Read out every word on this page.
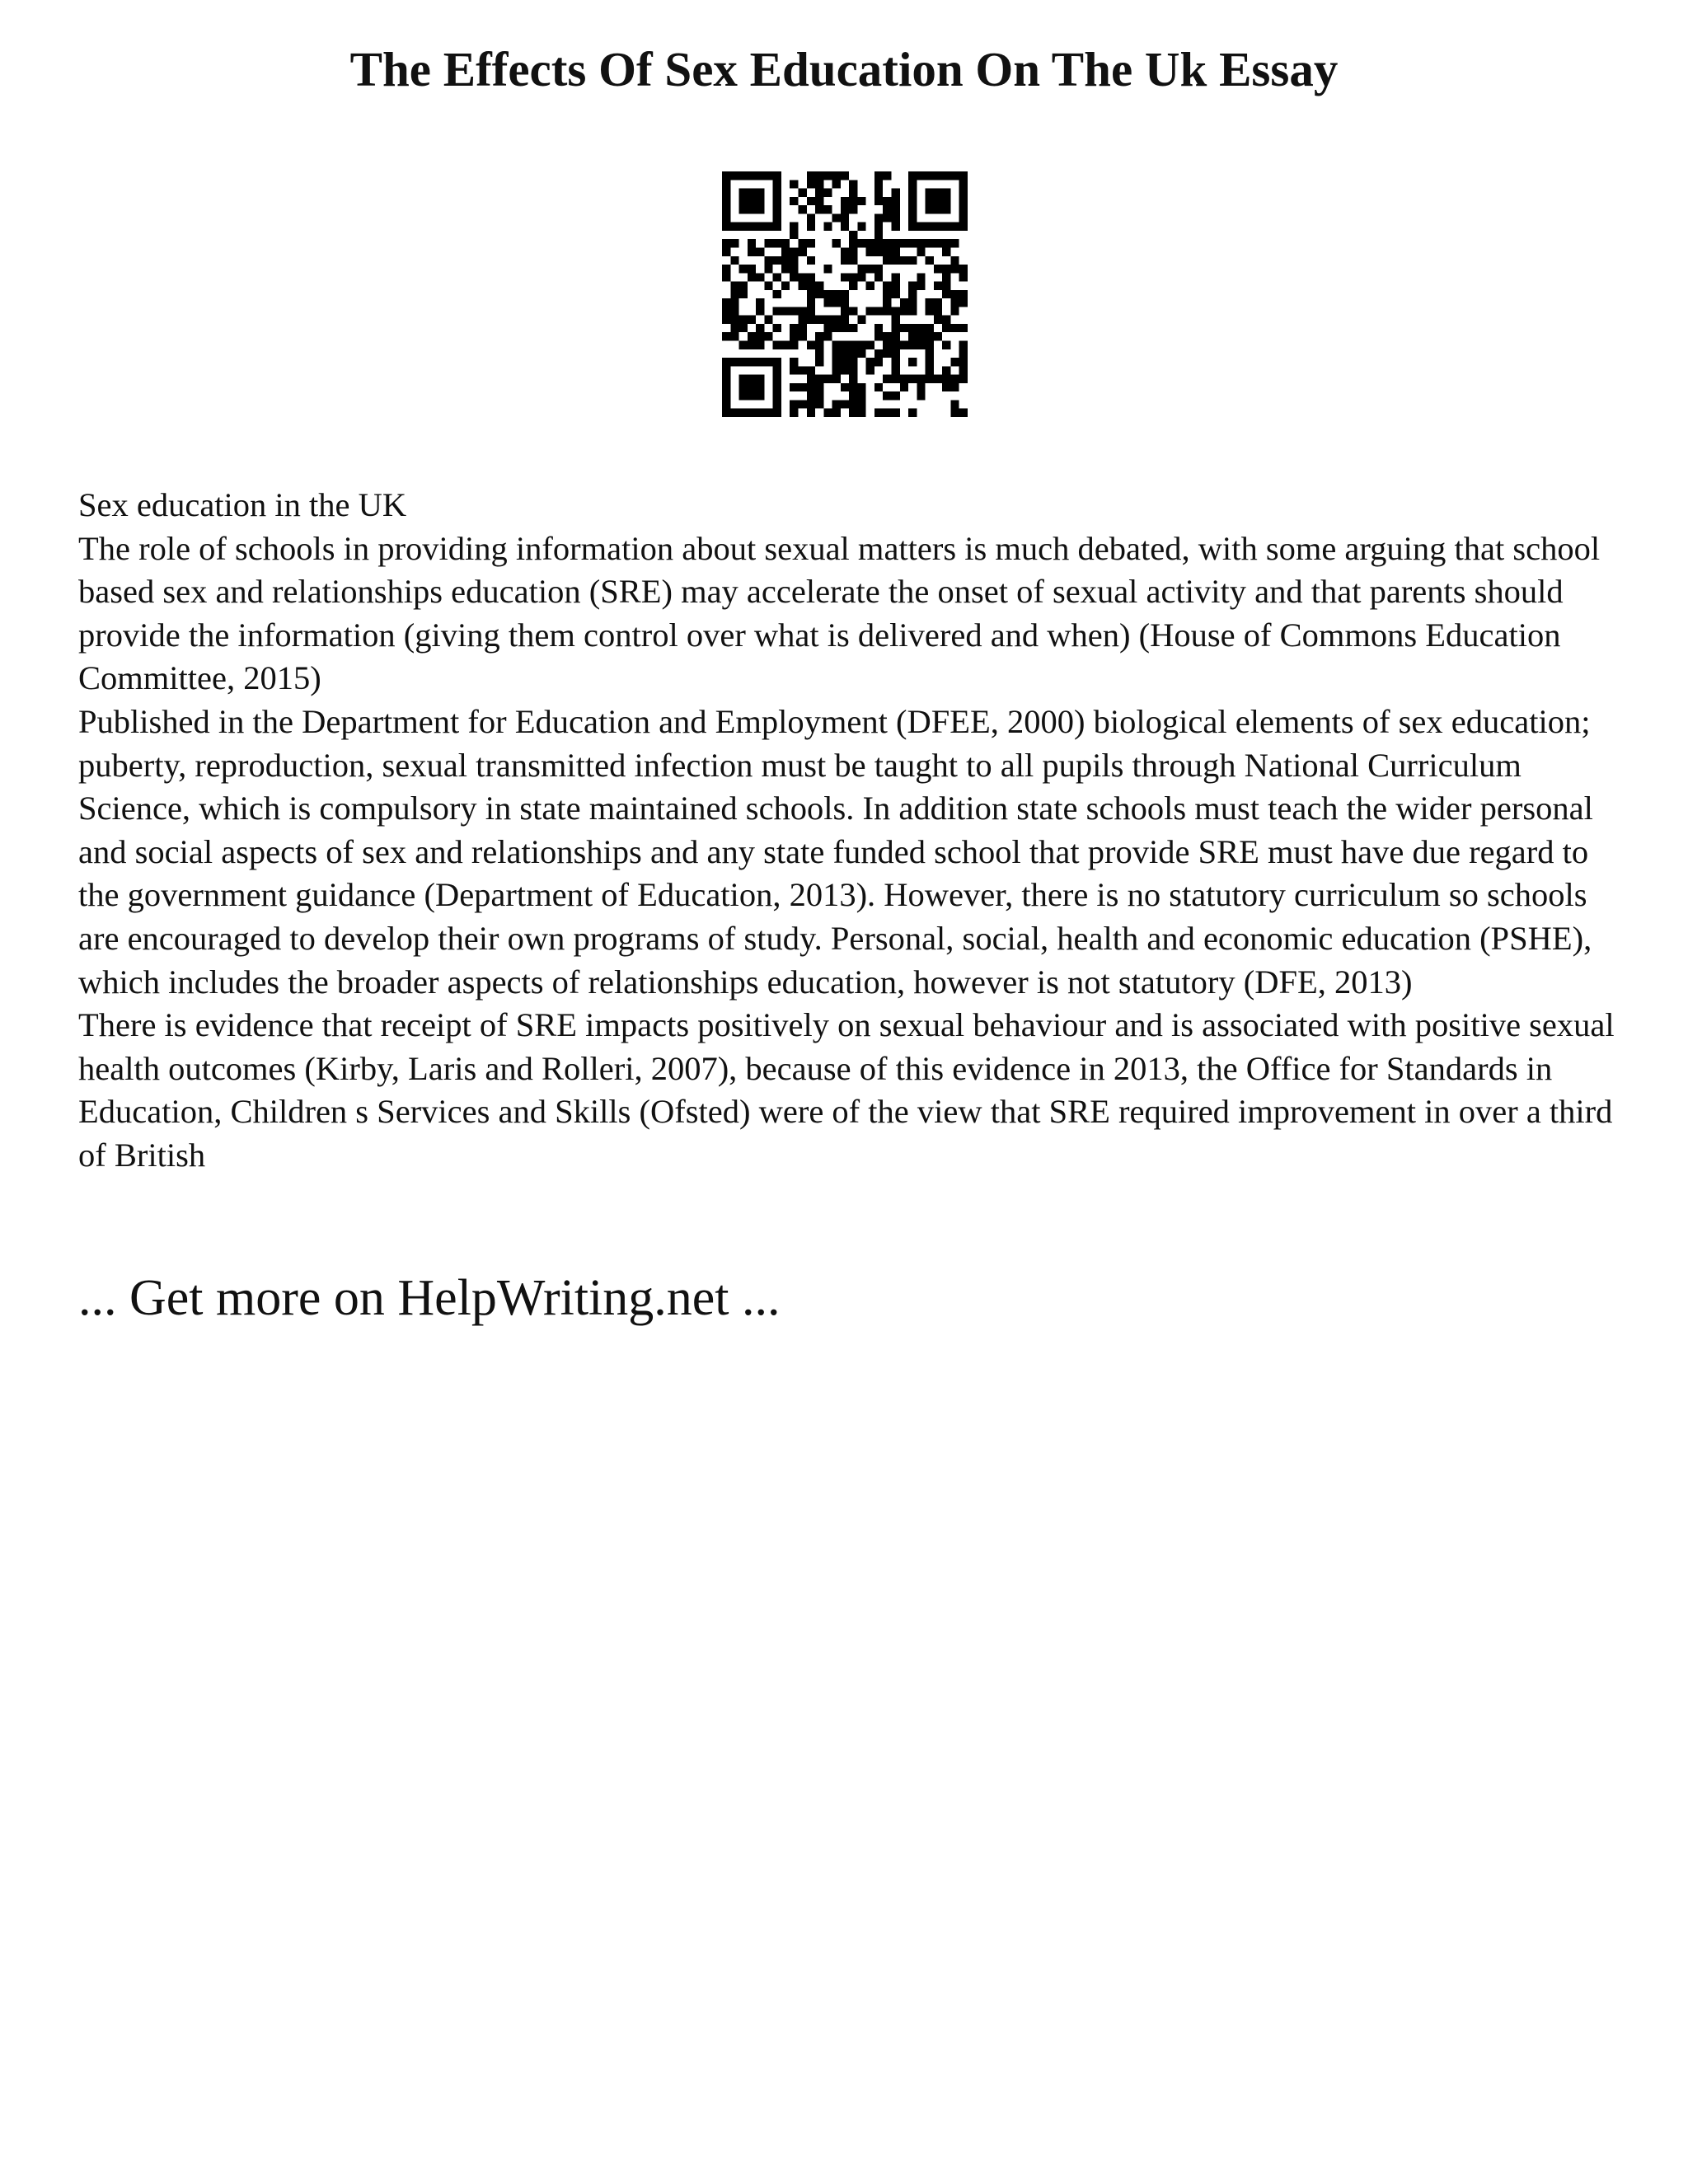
The Effects Of Sex Education On The Uk Essay

Sex education in the UK

The role of schools in providing information about sexual matters is much debated, with some arguing that school based sex and relationships education (SRE) may accelerate the onset of sexual activity and that parents should provide the information (giving them control over what is delivered and when) (House of Commons Education Committee, 2015)

Published in the Department for Education and Employment (DFEE, 2000) biological elements of sex education; puberty, reproduction, sexual transmitted infection must be taught to all pupils through National Curriculum Science, which is compulsory in state maintained schools. In addition state schools must teach the wider personal and social aspects of sex and relationships and any state funded school that provide SRE must have due regard to the government guidance (Department of Education, 2013). However, there is no statutory curriculum so schools are encouraged to develop their own programs of study. Personal, social, health and economic education (PSHE), which includes the broader aspects of relationships education, however is not statutory (DFE, 2013)

There is evidence that receipt of SRE impacts positively on sexual behaviour and is associated with positive sexual health outcomes (Kirby, Laris and Rolleri, 2007), because of this evidence in 2013, the Office for Standards in Education, Children s Services and Skills (Ofsted) were of the view that SRE required improvement in over a third of British

... Get more on HelpWriting.net ...
